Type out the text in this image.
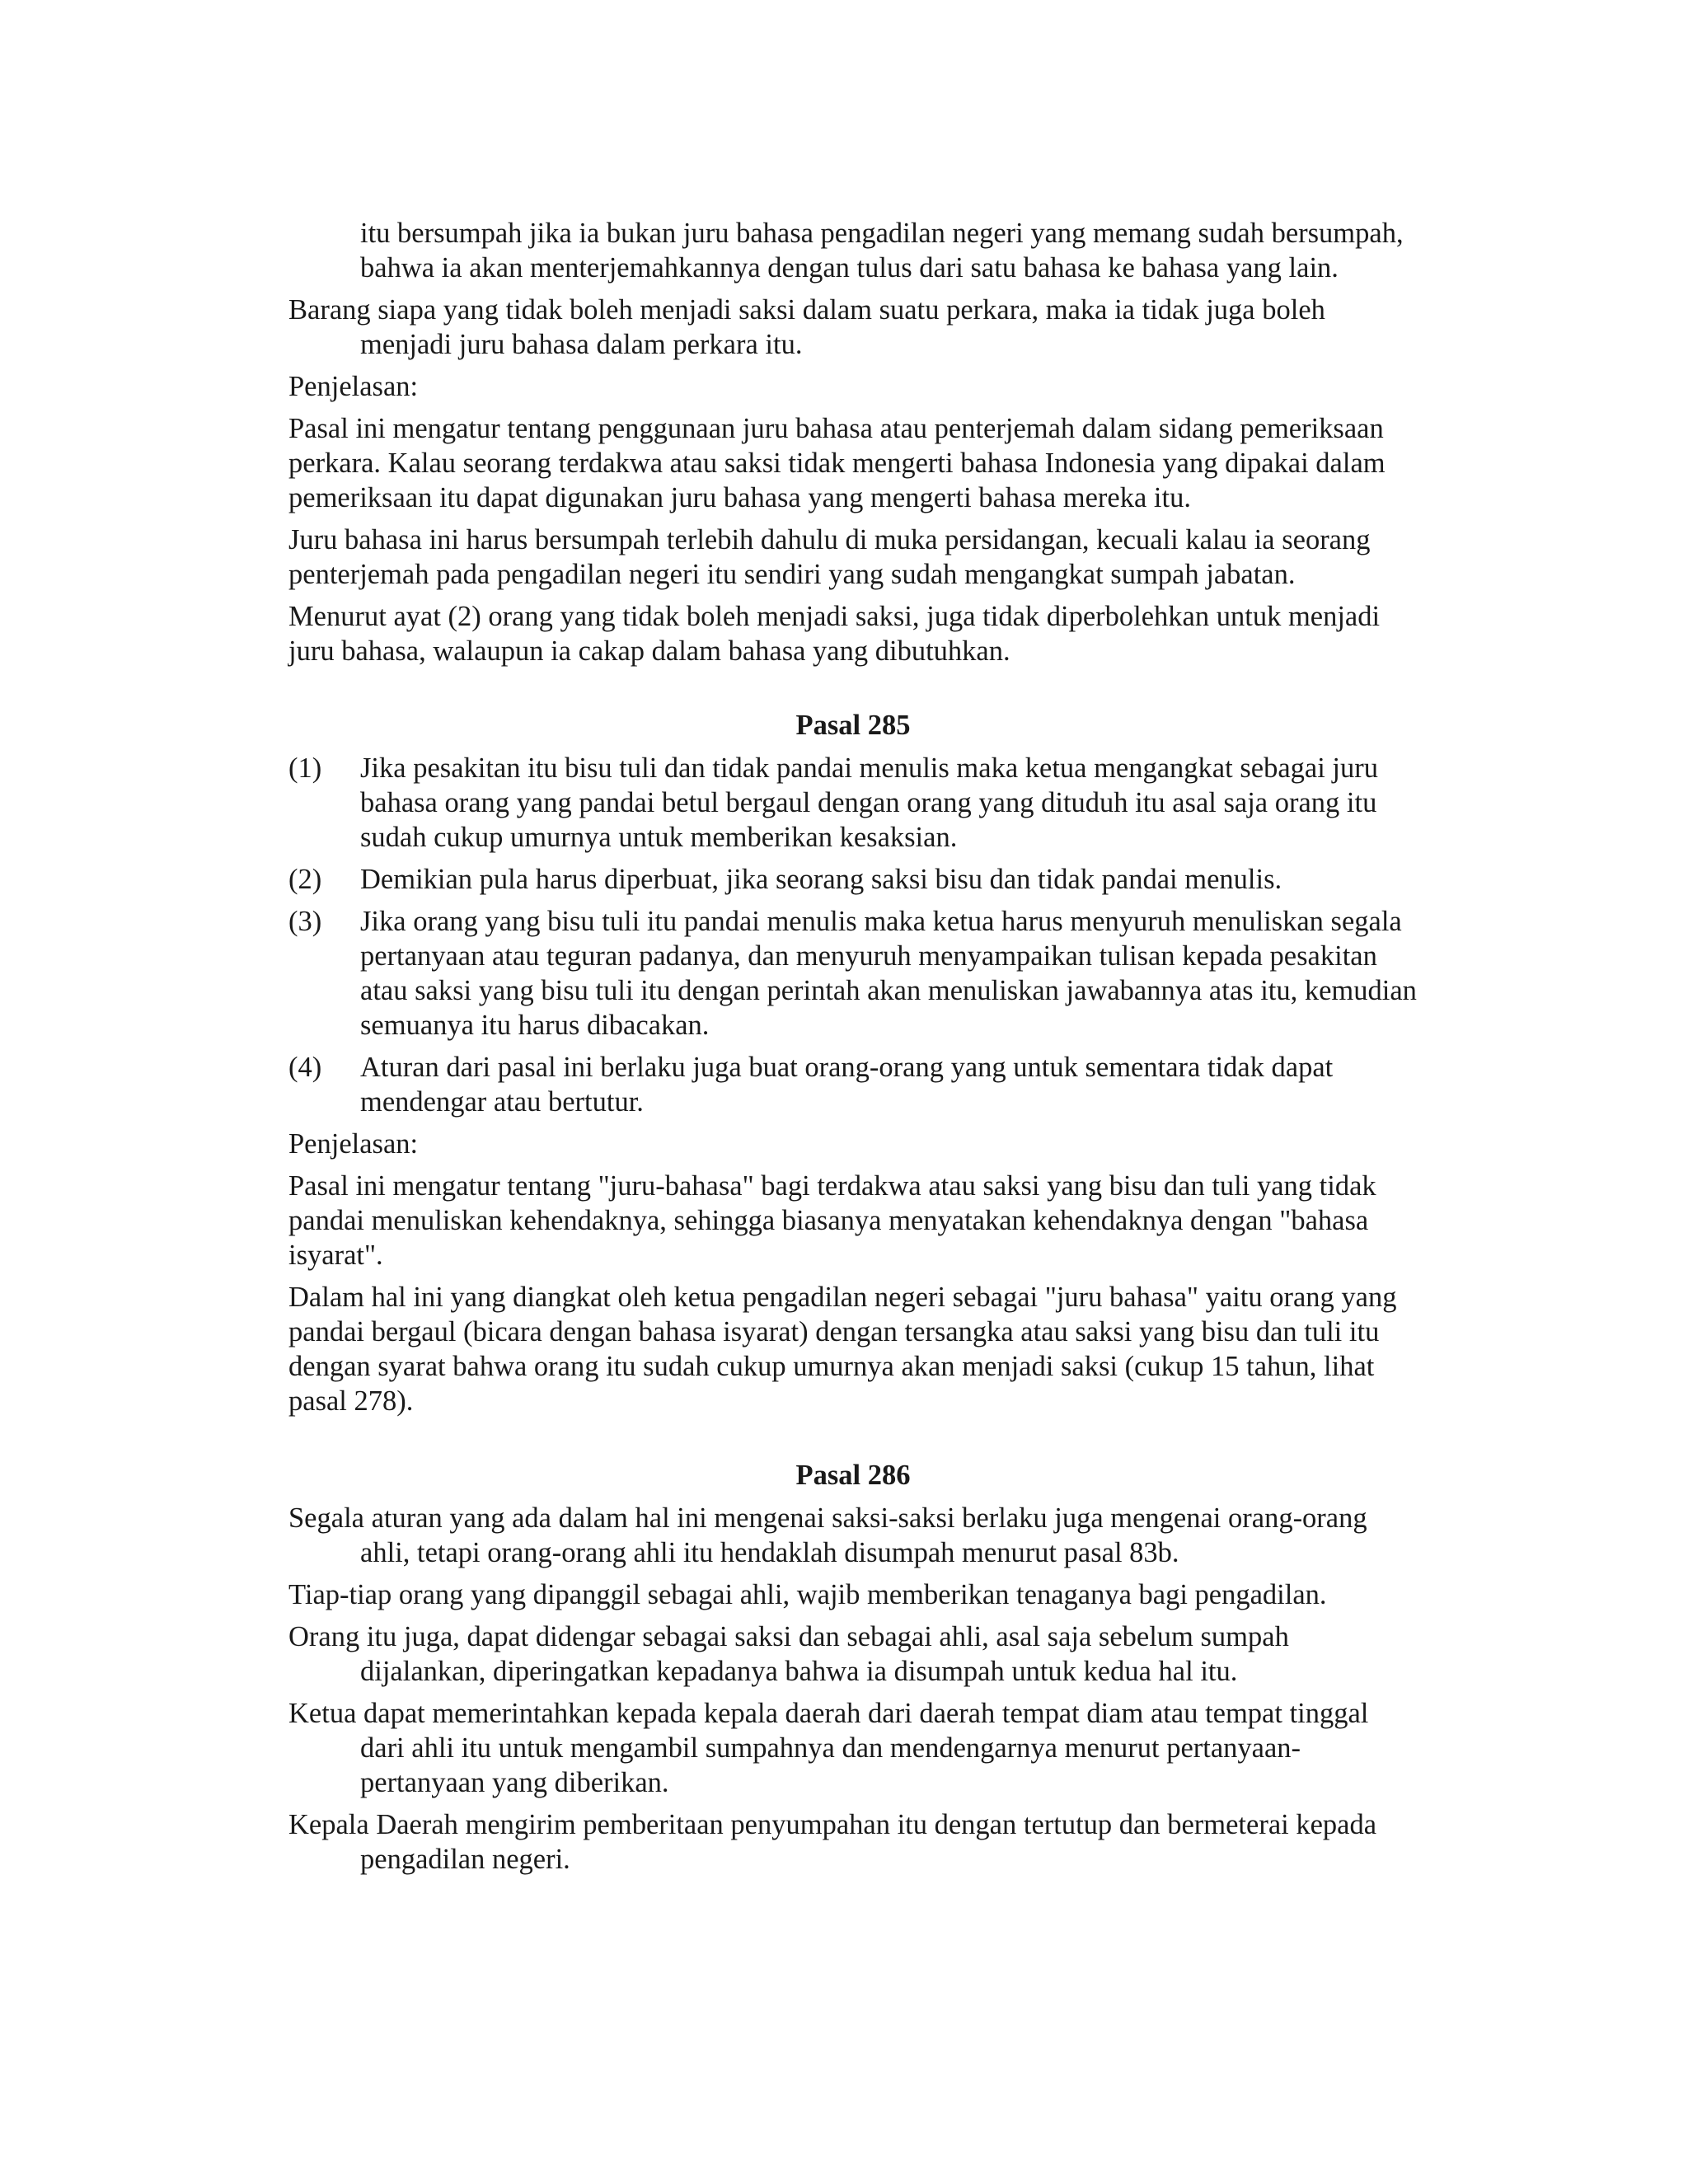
itu bersumpah jika ia bukan juru bahasa pengadilan negeri yang memang sudah bersumpah, bahwa ia akan menterjemahkannya dengan tulus dari satu bahasa ke bahasa yang lain.

Barang siapa yang tidak boleh menjadi saksi dalam suatu perkara, maka ia tidak juga boleh menjadi juru bahasa dalam perkara itu.

Penjelasan:

Pasal ini mengatur tentang penggunaan juru bahasa atau penterjemah dalam sidang pemeriksaan perkara. Kalau seorang terdakwa atau saksi tidak mengerti bahasa Indonesia yang dipakai dalam pemeriksaan itu dapat digunakan juru bahasa yang mengerti bahasa mereka itu.

Juru bahasa ini harus bersumpah terlebih dahulu di muka persidangan, kecuali kalau ia seorang penterjemah pada pengadilan negeri itu sendiri yang sudah mengangkat sumpah jabatan.

Menurut ayat (2) orang yang tidak boleh menjadi saksi, juga tidak diperbolehkan untuk menjadi juru bahasa, walaupun ia cakap dalam bahasa yang dibutuhkan.

Pasal 285

(1)	Jika pesakitan itu bisu tuli dan tidak pandai menulis maka ketua mengangkat sebagai juru bahasa orang yang pandai betul bergaul dengan orang yang dituduh itu asal saja orang itu sudah cukup umurnya untuk memberikan kesaksian.
(2)	Demikian pula harus diperbuat, jika seorang saksi bisu dan tidak pandai menulis.
(3)	Jika orang yang bisu tuli itu pandai menulis maka ketua harus menyuruh menuliskan segala pertanyaan atau teguran padanya, dan menyuruh menyampaikan tulisan kepada pesakitan atau saksi yang bisu tuli itu dengan perintah akan menuliskan jawabannya atas itu, kemudian semuanya itu harus dibacakan.
(4)	Aturan dari pasal ini berlaku juga buat orang-orang yang untuk sementara tidak dapat mendengar atau bertutur.

Penjelasan:

Pasal ini mengatur tentang "juru-bahasa" bagi terdakwa atau saksi yang bisu dan tuli yang tidak pandai menuliskan kehendaknya, sehingga biasanya menyatakan kehendaknya dengan "bahasa isyarat".

Dalam hal ini yang diangkat oleh ketua pengadilan negeri sebagai "juru bahasa" yaitu orang yang pandai bergaul (bicara dengan bahasa isyarat) dengan tersangka atau saksi yang bisu dan tuli itu dengan syarat bahwa orang itu sudah cukup umurnya akan menjadi saksi (cukup 15 tahun, lihat pasal 278).

Pasal 286

Segala aturan yang ada dalam hal ini mengenai saksi-saksi berlaku juga mengenai orang-orang ahli, tetapi orang-orang ahli itu hendaklah disumpah menurut pasal 83b.

Tiap-tiap orang yang dipanggil sebagai ahli, wajib memberikan tenaganya bagi pengadilan.

Orang itu juga, dapat didengar sebagai saksi dan sebagai ahli, asal saja sebelum sumpah dijalankan, diperingatkan kepadanya bahwa ia disumpah untuk kedua hal itu.

Ketua dapat memerintahkan kepada kepala daerah dari daerah tempat diam atau tempat tinggal dari ahli itu untuk mengambil sumpahnya dan mendengarnya menurut pertanyaan-pertanyaan yang diberikan.

Kepala Daerah mengirim pemberitaan penyumpahan itu dengan tertutup dan bermeterai kepada pengadilan negeri.
